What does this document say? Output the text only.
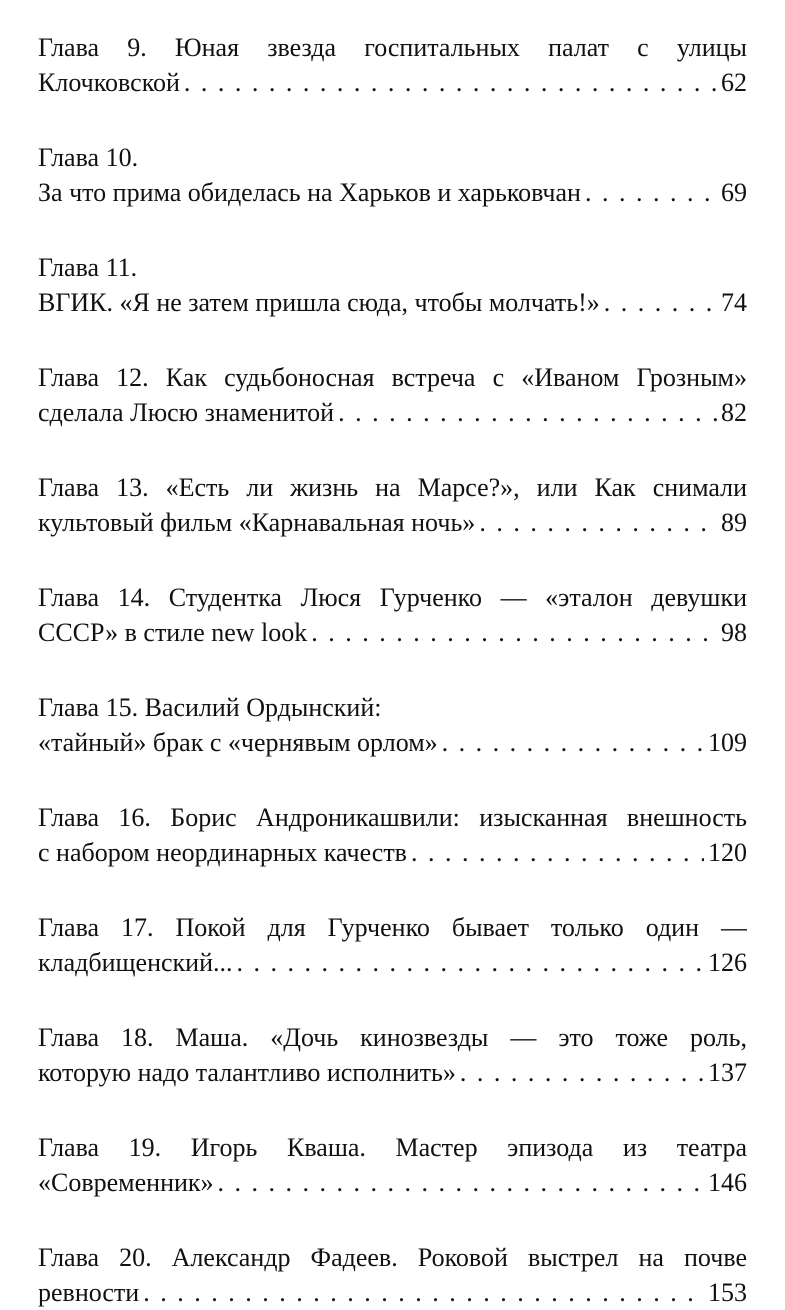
Глава 9. Юная звезда госпитальных палат с улицы
Клочковской . . .	62
Глава 10.
За что прима обиделась на Харьков и харьковчан . . .	69
Глава 11.
ВГИК. «Я не затем пришла сюда, чтобы молчать!» . . .	74
Глава 12. Как судьбоносная встреча с «Иваном Грозным»
сделала Люсю знаменитой . . .	82
Глава 13. «Есть ли жизнь на Марсе?», или Как снимали
культовый фильм «Карнавальная ночь» . . .	89
Глава 14. Студентка Люся Гурченко — «эталон девушки
СССР» в стиле new look . . .	98
Глава 15. Василий Ордынский:
«тайный» брак с «чернявым орлом» . . .	109
Глава 16. Борис Андроникашвили: изысканная внешность
с набором неординарных качеств . . .	120
Глава 17. Покой для Гурченко бывает только один —
кладбищенский... . . .	126
Глава 18. Маша. «Дочь кинозвезды — это тоже роль,
которую надо талантливо исполнить» . . .	137
Глава 19. Игорь Кваша. Мастер эпизода из театра
«Современник» . . .	146
Глава 20. Александр Фадеев. Роковой выстрел на почве
ревности . . .	153
